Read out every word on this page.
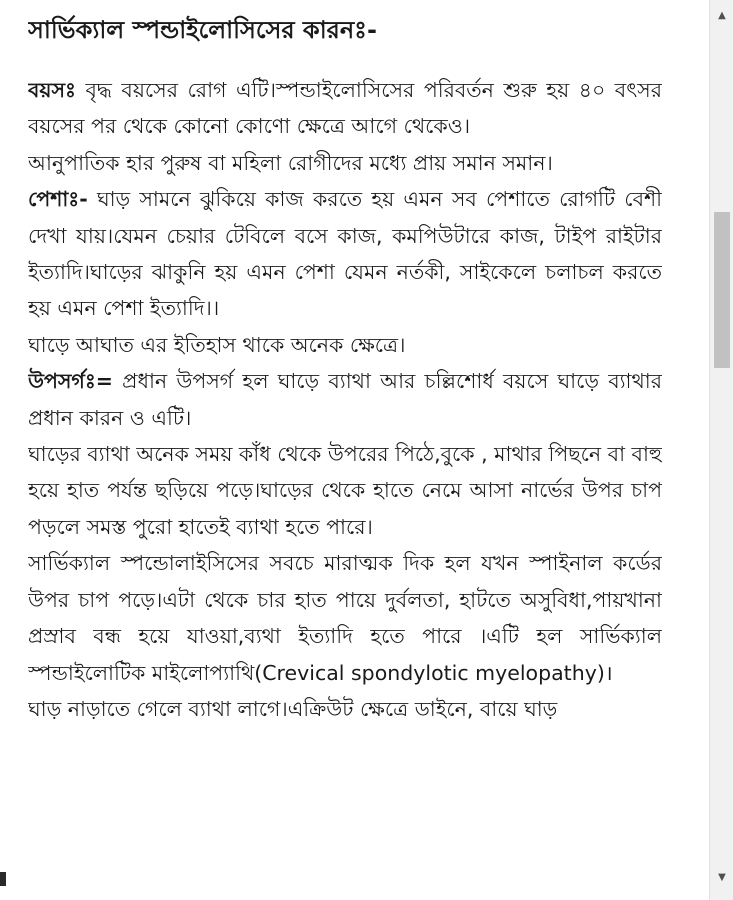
সার্ভিক্যাল স্পন্ডাইলোসিসের কারনঃ-

বয়সঃ বৃদ্ধ বয়সের রোগ এটি।স্পন্ডাইলোসিসের পরিবর্তন শুরু হয় ৪০ বৎসর বয়সের পর থেকে কোনো কোণো ক্ষেত্রে আগে থেকেও।

আনুপাতিক হার পুরুষ বা মহিলা রোগীদের মধ্যে প্রায় সমান সমান।

পেশাঃ- ঘাড় সামনে ঝুকিয়ে কাজ করতে হয় এমন সব পেশাতে রোগটি বেশী দেখা যায়।যেমন চেয়ার টেবিলে বসে কাজ, কমপিউটারে কাজ, টাইপ রাইটার ইত্যাদি।ঘাড়ের ঝাকুনি হয় এমন পেশা যেমন নর্তকী, সাইকেলে চলাচল করতে হয় এমন পেশা ইত্যাদি।।

ঘাড়ে আঘাত এর ইতিহাস থাকে অনেক ক্ষেত্রে।

উপসর্গঃ= প্রধান উপসর্গ হল ঘাড়ে ব্যাথা আর চল্লিশোর্ধ বয়সে ঘাড়ে ব্যাথার প্রধান কারন ও এটি।

ঘাড়ের ব্যাথা অনেক সময় কাঁধ থেকে উপরের পিঠে,বুকে , মাথার পিছনে বা বাহু হয়ে হাত পর্যন্ত ছড়িয়ে পড়ে।ঘাড়ের থেকে হাতে নেমে আসা নার্ভের উপর চাপ পড়লে সমস্ত পুরো হাতেই ব্যাথা হতে পারে।

সার্ভিক্যাল স্পন্ডোলাইসিসের সবচে মারাত্মক দিক হল যখন স্পাইনাল কর্ডের উপর চাপ পড়ে।এটা থেকে চার হাত পায়ে দুর্বলতা, হাটতে অসুবিধা,পায়খানা প্রস্রাব বন্ধ হয়ে যাওয়া,ব্যথা ইত্যাদি হতে পারে ।এটি হল সার্ভিক্যাল স্পন্ডাইলোটিক মাইলোপ্যাথি(Crevical spondylotic myelopathy)।

ঘাড় নাড়াতে গেলে ব্যাথা লাগে।এক্রিউট ক্ষেত্রে ডাইনে, বায়ে ঘাড়

▲
▼
